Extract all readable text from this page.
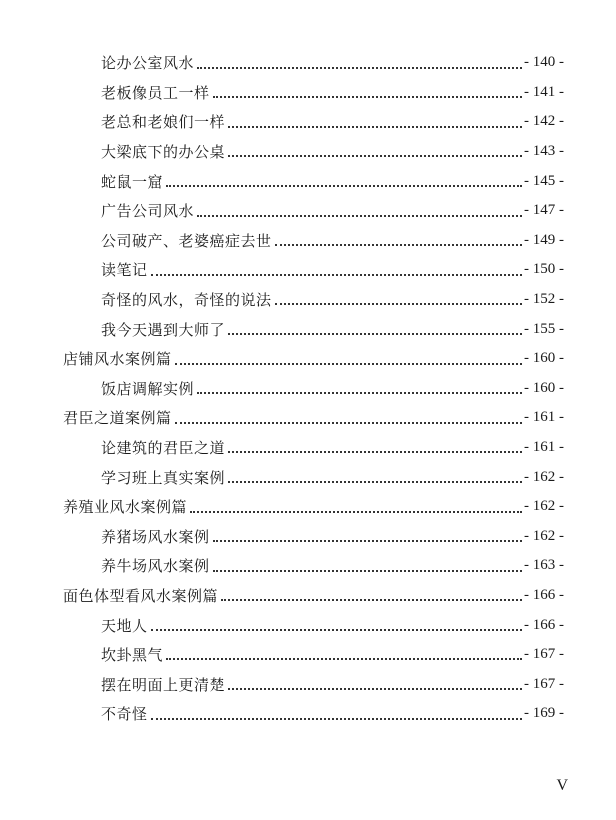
论办公室风水	- 140 -
老板像员工一样	- 141 -
老总和老娘们一样	- 142 -
大梁底下的办公桌	- 143 -
蛇鼠一窟	- 145 -
广告公司风水	- 147 -
公司破产、老婆癌症去世	- 149 -
读笔记	- 150 -
奇怪的风水，奇怪的说法	- 152 -
我今天遇到大师了	- 155 -
店铺风水案例篇	- 160 -
饭店调解实例	- 160 -
君臣之道案例篇	- 161 -
论建筑的君臣之道	- 161 -
学习班上真实案例	- 162 -
养殖业风水案例篇	- 162 -
养猪场风水案例	- 162 -
养牛场风水案例	- 163 -
面色体型看风水案例篇	- 166 -
天地人	- 166 -
坎卦黑气	- 167 -
摆在明面上更清楚	- 167 -
不奇怪	- 169 -
V
